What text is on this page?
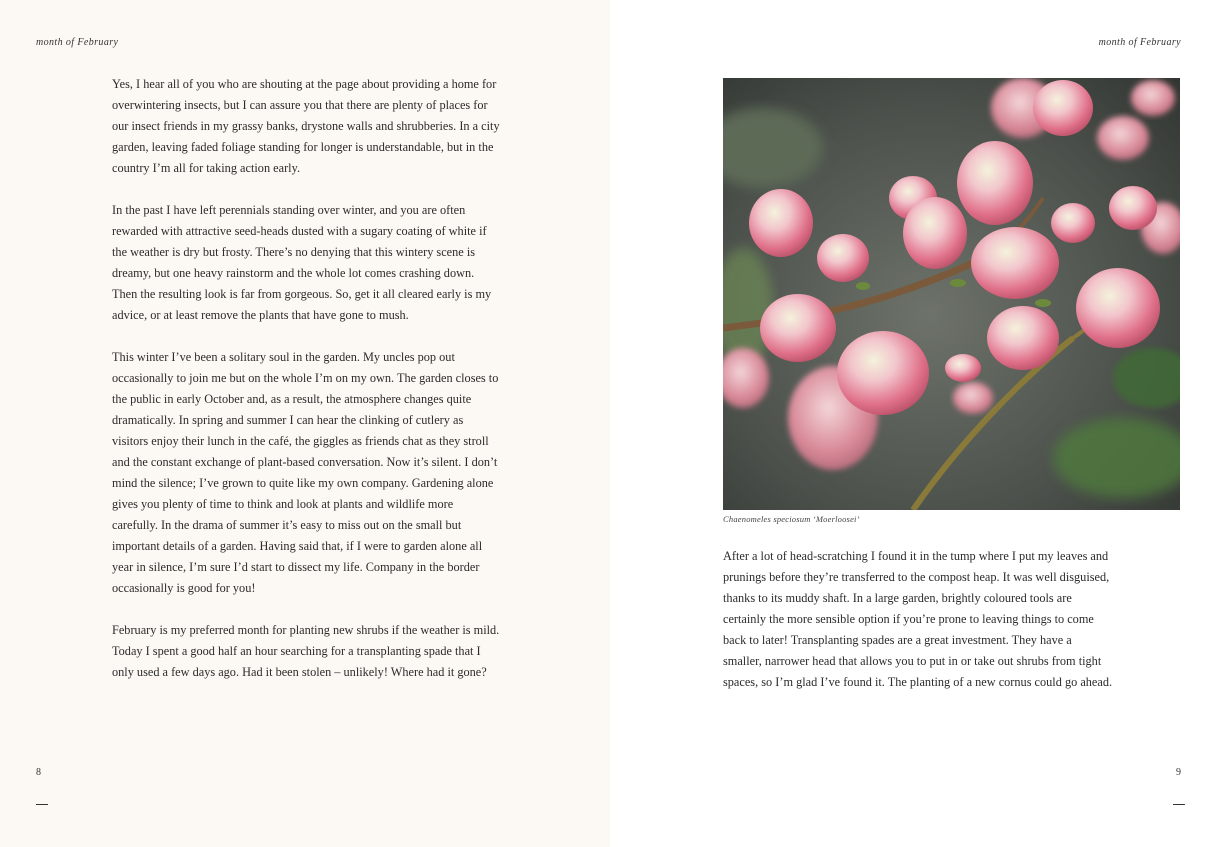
month of February

Yes, I hear all of you who are shouting at the page about providing a home for overwintering insects, but I can assure you that there are plenty of places for our insect friends in my grassy banks, drystone walls and shrubberies. In a city garden, leaving faded foliage standing for longer is understandable, but in the country I’m all for taking action early.

In the past I have left perennials standing over winter, and you are often rewarded with attractive seed-heads dusted with a sugary coating of white if the weather is dry but frosty. There’s no denying that this wintery scene is dreamy, but one heavy rainstorm and the whole lot comes crashing down. Then the resulting look is far from gorgeous. So, get it all cleared early is my advice, or at least remove the plants that have gone to mush.

This winter I’ve been a solitary soul in the garden. My uncles pop out occasionally to join me but on the whole I’m on my own. The garden closes to the public in early October and, as a result, the atmosphere changes quite dramatically. In spring and summer I can hear the clinking of cutlery as visitors enjoy their lunch in the café, the giggles as friends chat as they stroll and the constant exchange of plant-based conversation. Now it’s silent. I don’t mind the silence; I’ve grown to quite like my own company. Gardening alone gives you plenty of time to think and look at plants and wildlife more carefully. In the drama of summer it’s easy to miss out on the small but important details of a garden. Having said that, if I were to garden alone all year in silence, I’m sure I’d start to dissect my life. Company in the border occasionally is good for you!

February is my preferred month for planting new shrubs if the weather is mild. Today I spent a good half an hour searching for a transplanting spade that I only used a few days ago. Had it been stolen – unlikely! Where had it gone?

8
month of February
Chaenomeles speciosum ‘Moerloosei’

After a lot of head-scratching I found it in the tump where I put my leaves and prunings before they’re transferred to the compost heap. It was well disguised, thanks to its muddy shaft. In a large garden, brightly coloured tools are certainly the more sensible option if you’re prone to leaving things to come back to later! Transplanting spades are a great investment. They have a smaller, narrower head that allows you to put in or take out shrubs from tight spaces, so I’m glad I’ve found it. The planting of a new cornus could go ahead.

9
